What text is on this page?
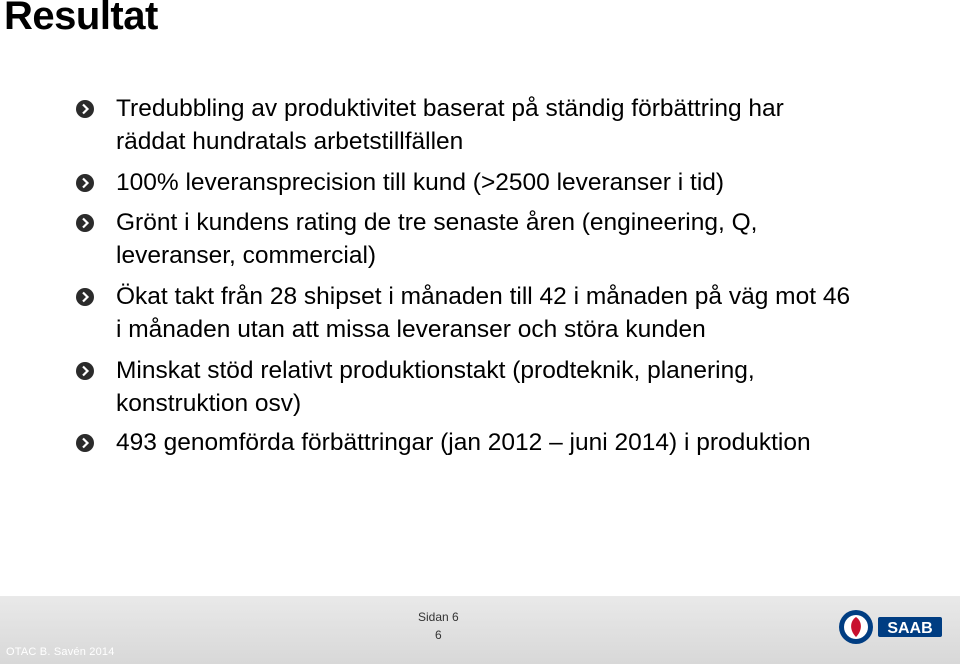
Resultat
Tredubbling av produktivitet baserat på ständig förbättring har
räddat hundratals arbetstillfällen
100% leveransprecision till kund (>2500 leveranser i tid)
Grönt i kundens rating de tre senaste åren (engineering, Q,
leveranser, commercial)
Ökat takt från 28 shipset i månaden till 42 i månaden på väg mot 46
i månaden utan att missa leveranser och störa kunden
Minskat stöd relativt produktionstakt (prodteknik, planering,
konstruktion osv)
493 genomförda förbättringar (jan 2012 – juni 2014) i produktion
OTAC B. Savén 2014
Sidan 6
6	SAAB
